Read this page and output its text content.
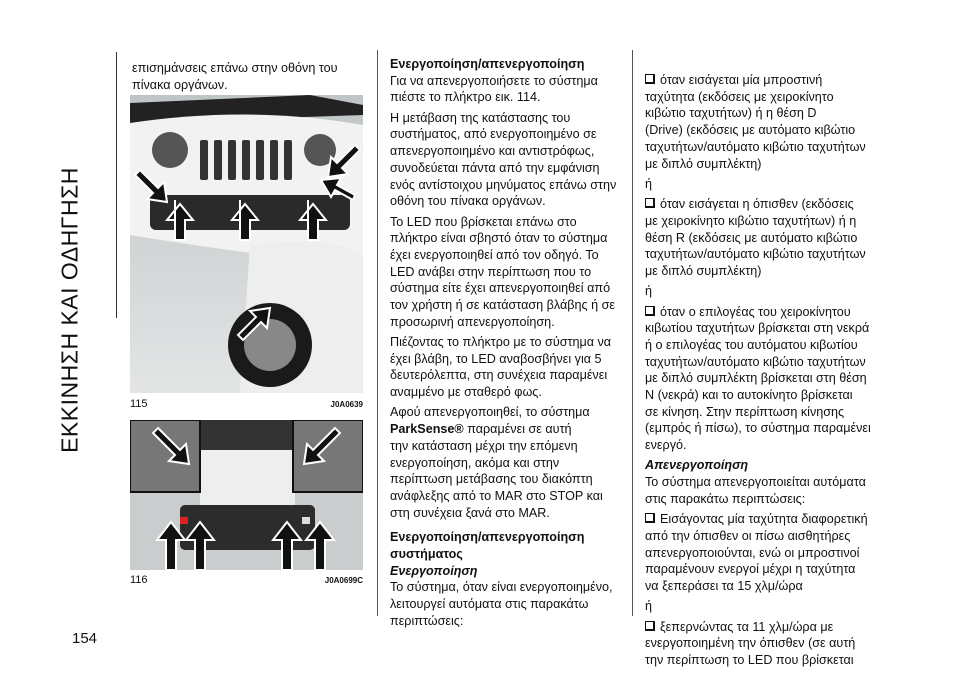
ΕΚΚΙΝΗΣΗ ΚΑΙ ΟΔΗΓΗΣΗ
154
επισημάνσεις επάνω στην οθόνη του
πίνακα οργάνων.
115	J0A0639
116	J0A0699C

Ενεργοποίηση/απενεργοποίηση
Για να απενεργοποιήσετε το σύστημα
πιέστε το πλήκτρο εικ. 114.

Η μετάβαση της κατάστασης του
συστήματος, από ενεργοποιημένο σε
απενεργοποιημένο και αντιστρόφως,
συνοδεύεται πάντα από την εμφάνιση
ενός αντίστοιχου μηνύματος επάνω στην
οθόνη του πίνακα οργάνων.

Το LED που βρίσκεται επάνω στο
πλήκτρο είναι σβηστό όταν το σύστημα
έχει ενεργοποιηθεί από τον οδηγό. Το
LED ανάβει στην περίπτωση που το
σύστημα είτε έχει απενεργοποιηθεί από
τον χρήστη ή σε κατάσταση βλάβης ή σε
προσωρινή απενεργοποίηση.

Πιέζοντας το πλήκτρο με το σύστημα να
έχει βλάβη, το LED αναβοσβήνει για 5
δευτερόλεπτα, στη συνέχεια παραμένει
αναμμένο με σταθερό φως.

Αφού απενεργοποιηθεί, το σύστημα
ParkSense® παραμένει σε αυτή
την κατάσταση μέχρι την επόμενη
ενεργοποίηση, ακόμα και στην
περίπτωση μετάβασης του διακόπτη
ανάφλεξης από το MAR στο STOP και
στη συνέχεια ξανά στο MAR.

Ενεργοποίηση/απενεργοποίηση
συστήματος
Ενεργοποίηση
Το σύστημα, όταν είναι ενεργοποιημένο,
λειτουργεί αυτόματα στις παρακάτω
περιπτώσεις:

όταν εισάγεται μία μπροστινή
ταχύτητα (εκδόσεις με χειροκίνητο
κιβώτιο ταχυτήτων) ή η θέση D
(Drive) (εκδόσεις με αυτόματο κιβώτιο
ταχυτήτων/αυτόματο κιβώτιο ταχυτήτων
με διπλό συμπλέκτη)

ή

όταν εισάγεται η όπισθεν (εκδόσεις
με χειροκίνητο κιβώτιο ταχυτήτων) ή η
θέση R (εκδόσεις με αυτόματο κιβώτιο
ταχυτήτων/αυτόματο κιβώτιο ταχυτήτων
με διπλό συμπλέκτη)

ή

όταν ο επιλογέας του χειροκίνητου
κιβωτίου ταχυτήτων βρίσκεται στη νεκρά
ή ο επιλογέας του αυτόματου κιβωτίου
ταχυτήτων/αυτόματο κιβώτιο ταχυτήτων
με διπλό συμπλέκτη βρίσκεται στη θέση
N (νεκρά) και το αυτοκίνητο βρίσκεται
σε κίνηση. Στην περίπτωση κίνησης
(εμπρός ή πίσω), το σύστημα παραμένει
ενεργό.

Απενεργοποίηση
Το σύστημα απενεργοποιείται αυτόματα
στις παρακάτω περιπτώσεις:

Εισάγοντας μία ταχύτητα διαφορετική
από την όπισθεν οι πίσω αισθητήρες
απενεργοποιούνται, ενώ οι μπροστινοί
παραμένουν ενεργοί μέχρι η ταχύτητα
να ξεπεράσει τα 15 χλμ/ώρα

ή

ξεπερνώντας τα 11 χλμ/ώρα με
ενεργοποιημένη την όπισθεν (σε αυτή
την περίπτωση το LED που βρίσκεται
